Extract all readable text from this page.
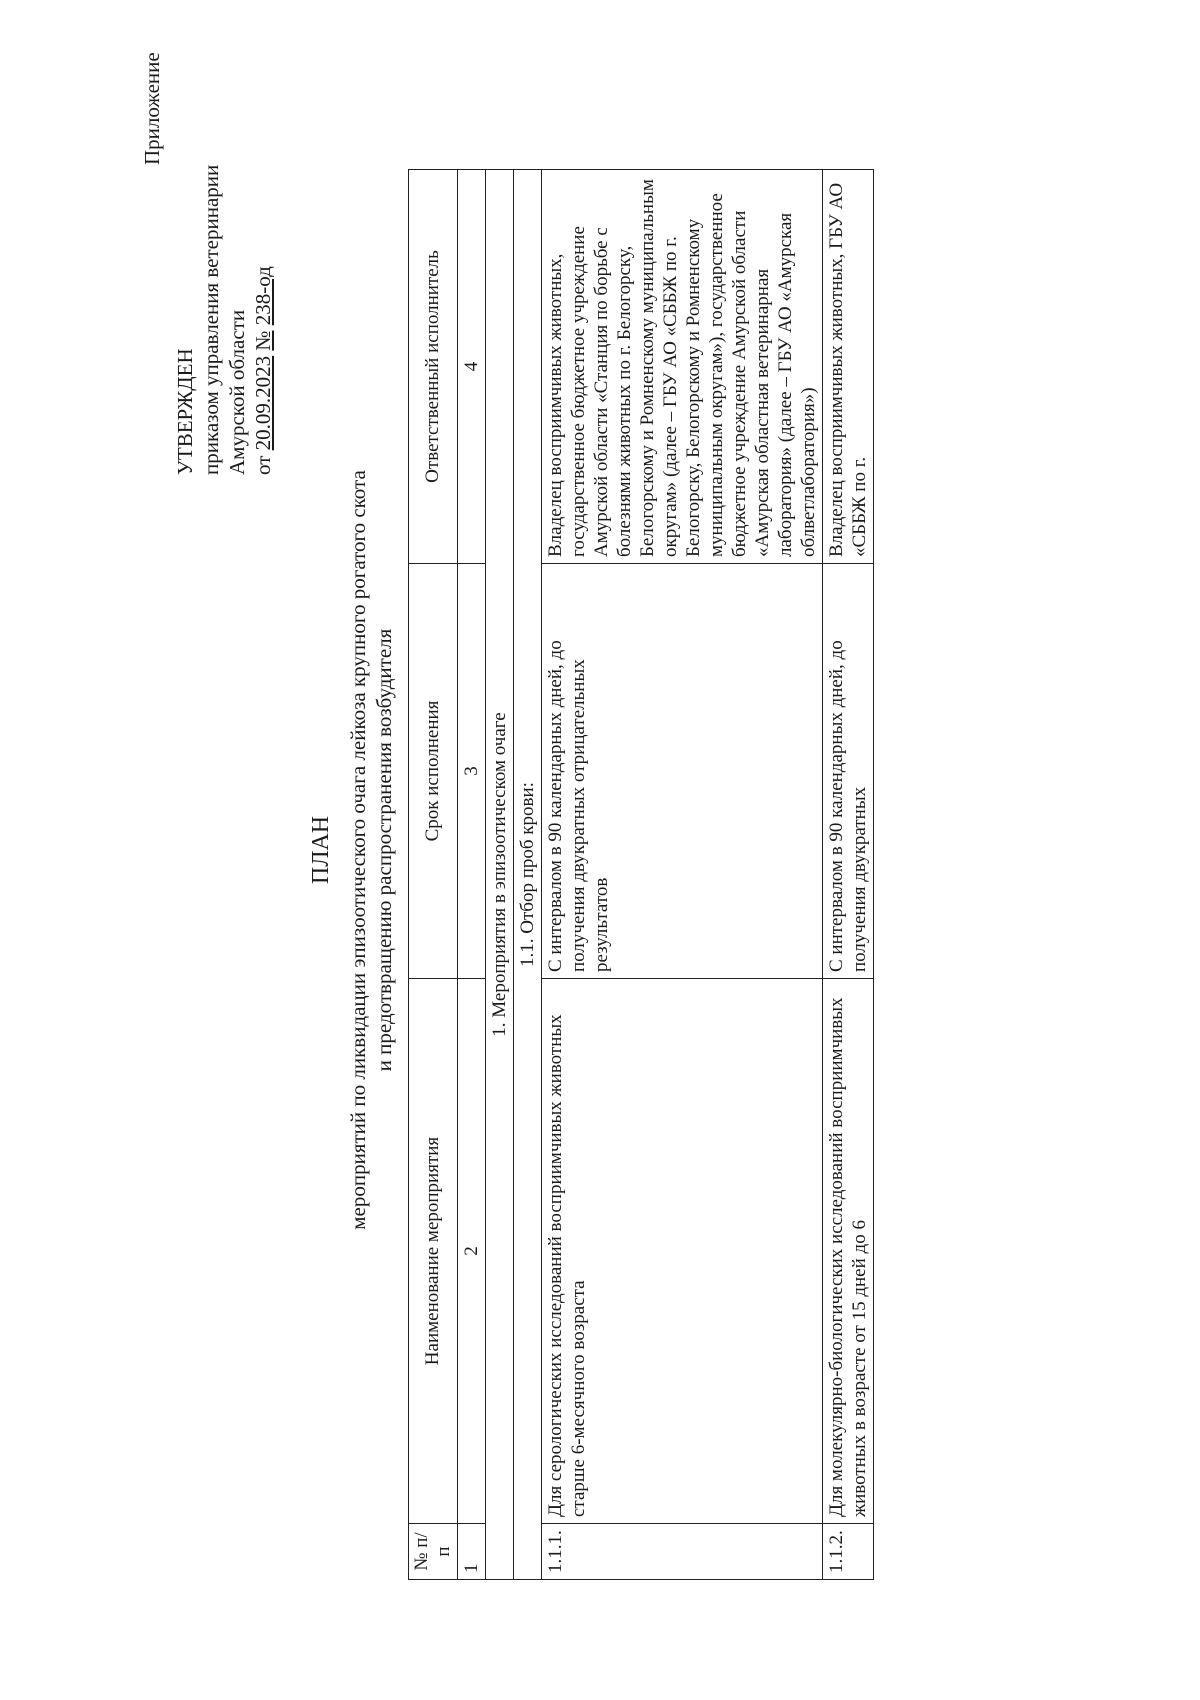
Приложение
УТВЕРЖДЕН приказом управления ветеринарии Амурской области от 20.09.2023 № 238-од
ПЛАН мероприятий по ликвидации эпизоотического очага лейкоза крупного рогатого скота и предотвращению распространения возбудителя
№ п/п	Наименование мероприятия	Срок исполнения	Ответственный исполнитель
1	2	3	4
1. Мероприятия в эпизоотическом очаге			
1.1. Отбор проб крови:			
1.1.1.	Для серологических исследований восприимчивых животных старше 6-месячного возраста	С интервалом в 90 календарных дней, до получения двукратных отрицательных результатов	Владелец восприимчивых животных, государственное бюджетное учреждение Амурской области «Станция по борьбе с болезнями животных по г. Белогорску, Белогорскому и Ромненскому муниципальным округам» (далее – ГБУ АО «СББЖ по г. Белогорску, Белогорскому и Ромненскому муниципальным округам»), государственное бюджетное учреждение Амурской области «Амурская областная ветеринарная лаборатория» (далее – ГБУ АО «Амурская облветлаборатория»)
1.1.2.	Для молекулярно-биологических исследований восприимчивых животных в возрасте от 15 дней до 6	С интервалом в 90 календарных дней, до получения двукратных	Владелец восприимчивых животных, ГБУ АО «СББЖ по г.
